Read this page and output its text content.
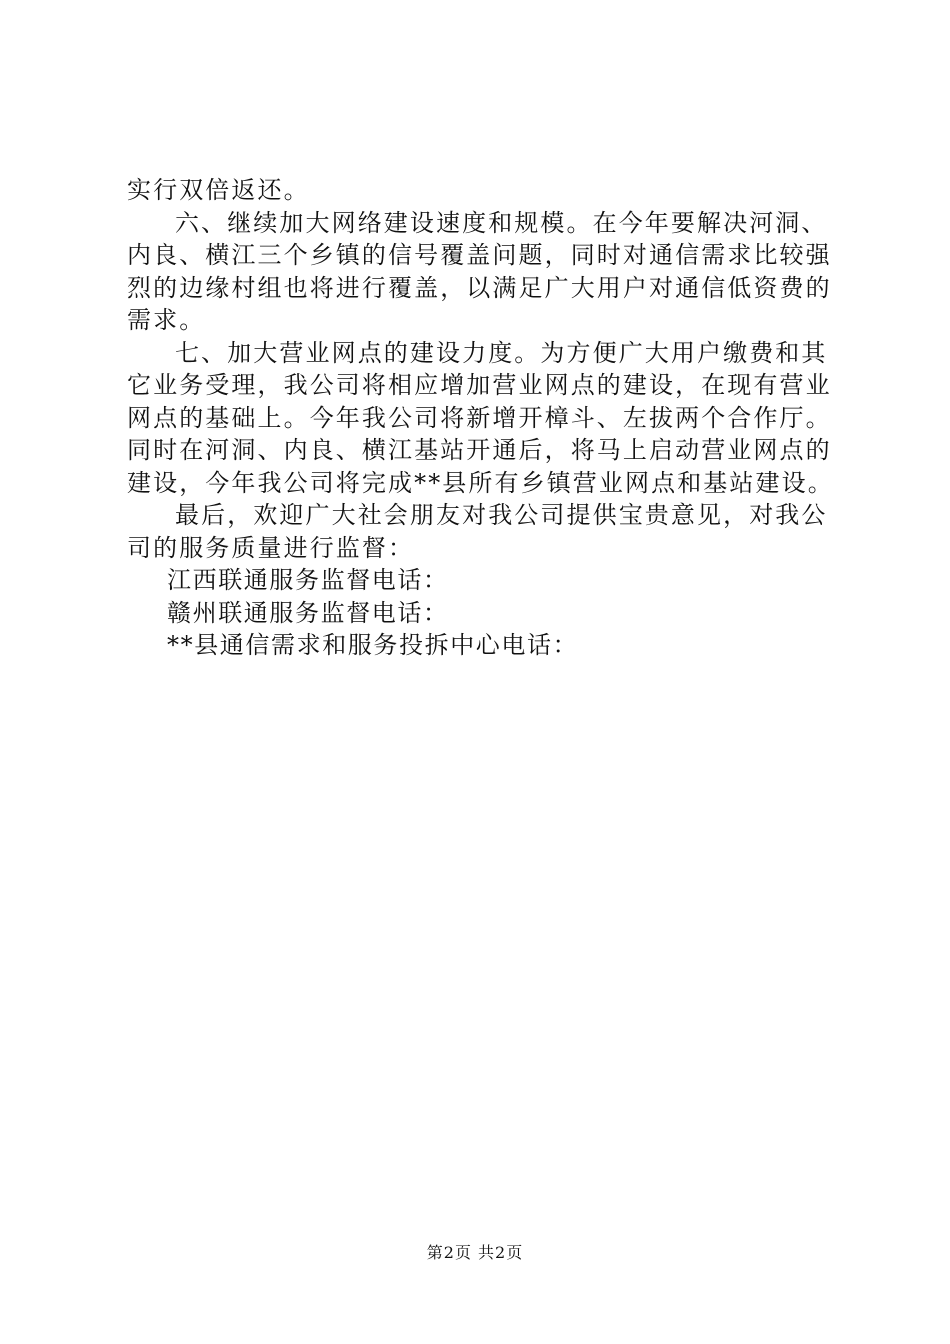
实行双倍返还。
六、继续加大网络建设速度和规模。在今年要解决河洞、
内良、横江三个乡镇的信号覆盖问题，同时对通信需求比较强
烈的边缘村组也将进行覆盖，以满足广大用户对通信低资费的
需求。
七、加大营业网点的建设力度。为方便广大用户缴费和其
它业务受理，我公司将相应增加营业网点的建设，在现有营业
网点的基础上。今年我公司将新增开樟斗、左拔两个合作厅。
同时在河洞、内良、横江基站开通后，将马上启动营业网点的
建设，今年我公司将完成**县所有乡镇营业网点和基站建设。
最后，欢迎广大社会朋友对我公司提供宝贵意见，对我公
司的服务质量进行监督：
江西联通服务监督电话：
赣州联通服务监督电话：
**县通信需求和服务投拆中心电话：
第2页 共2页
